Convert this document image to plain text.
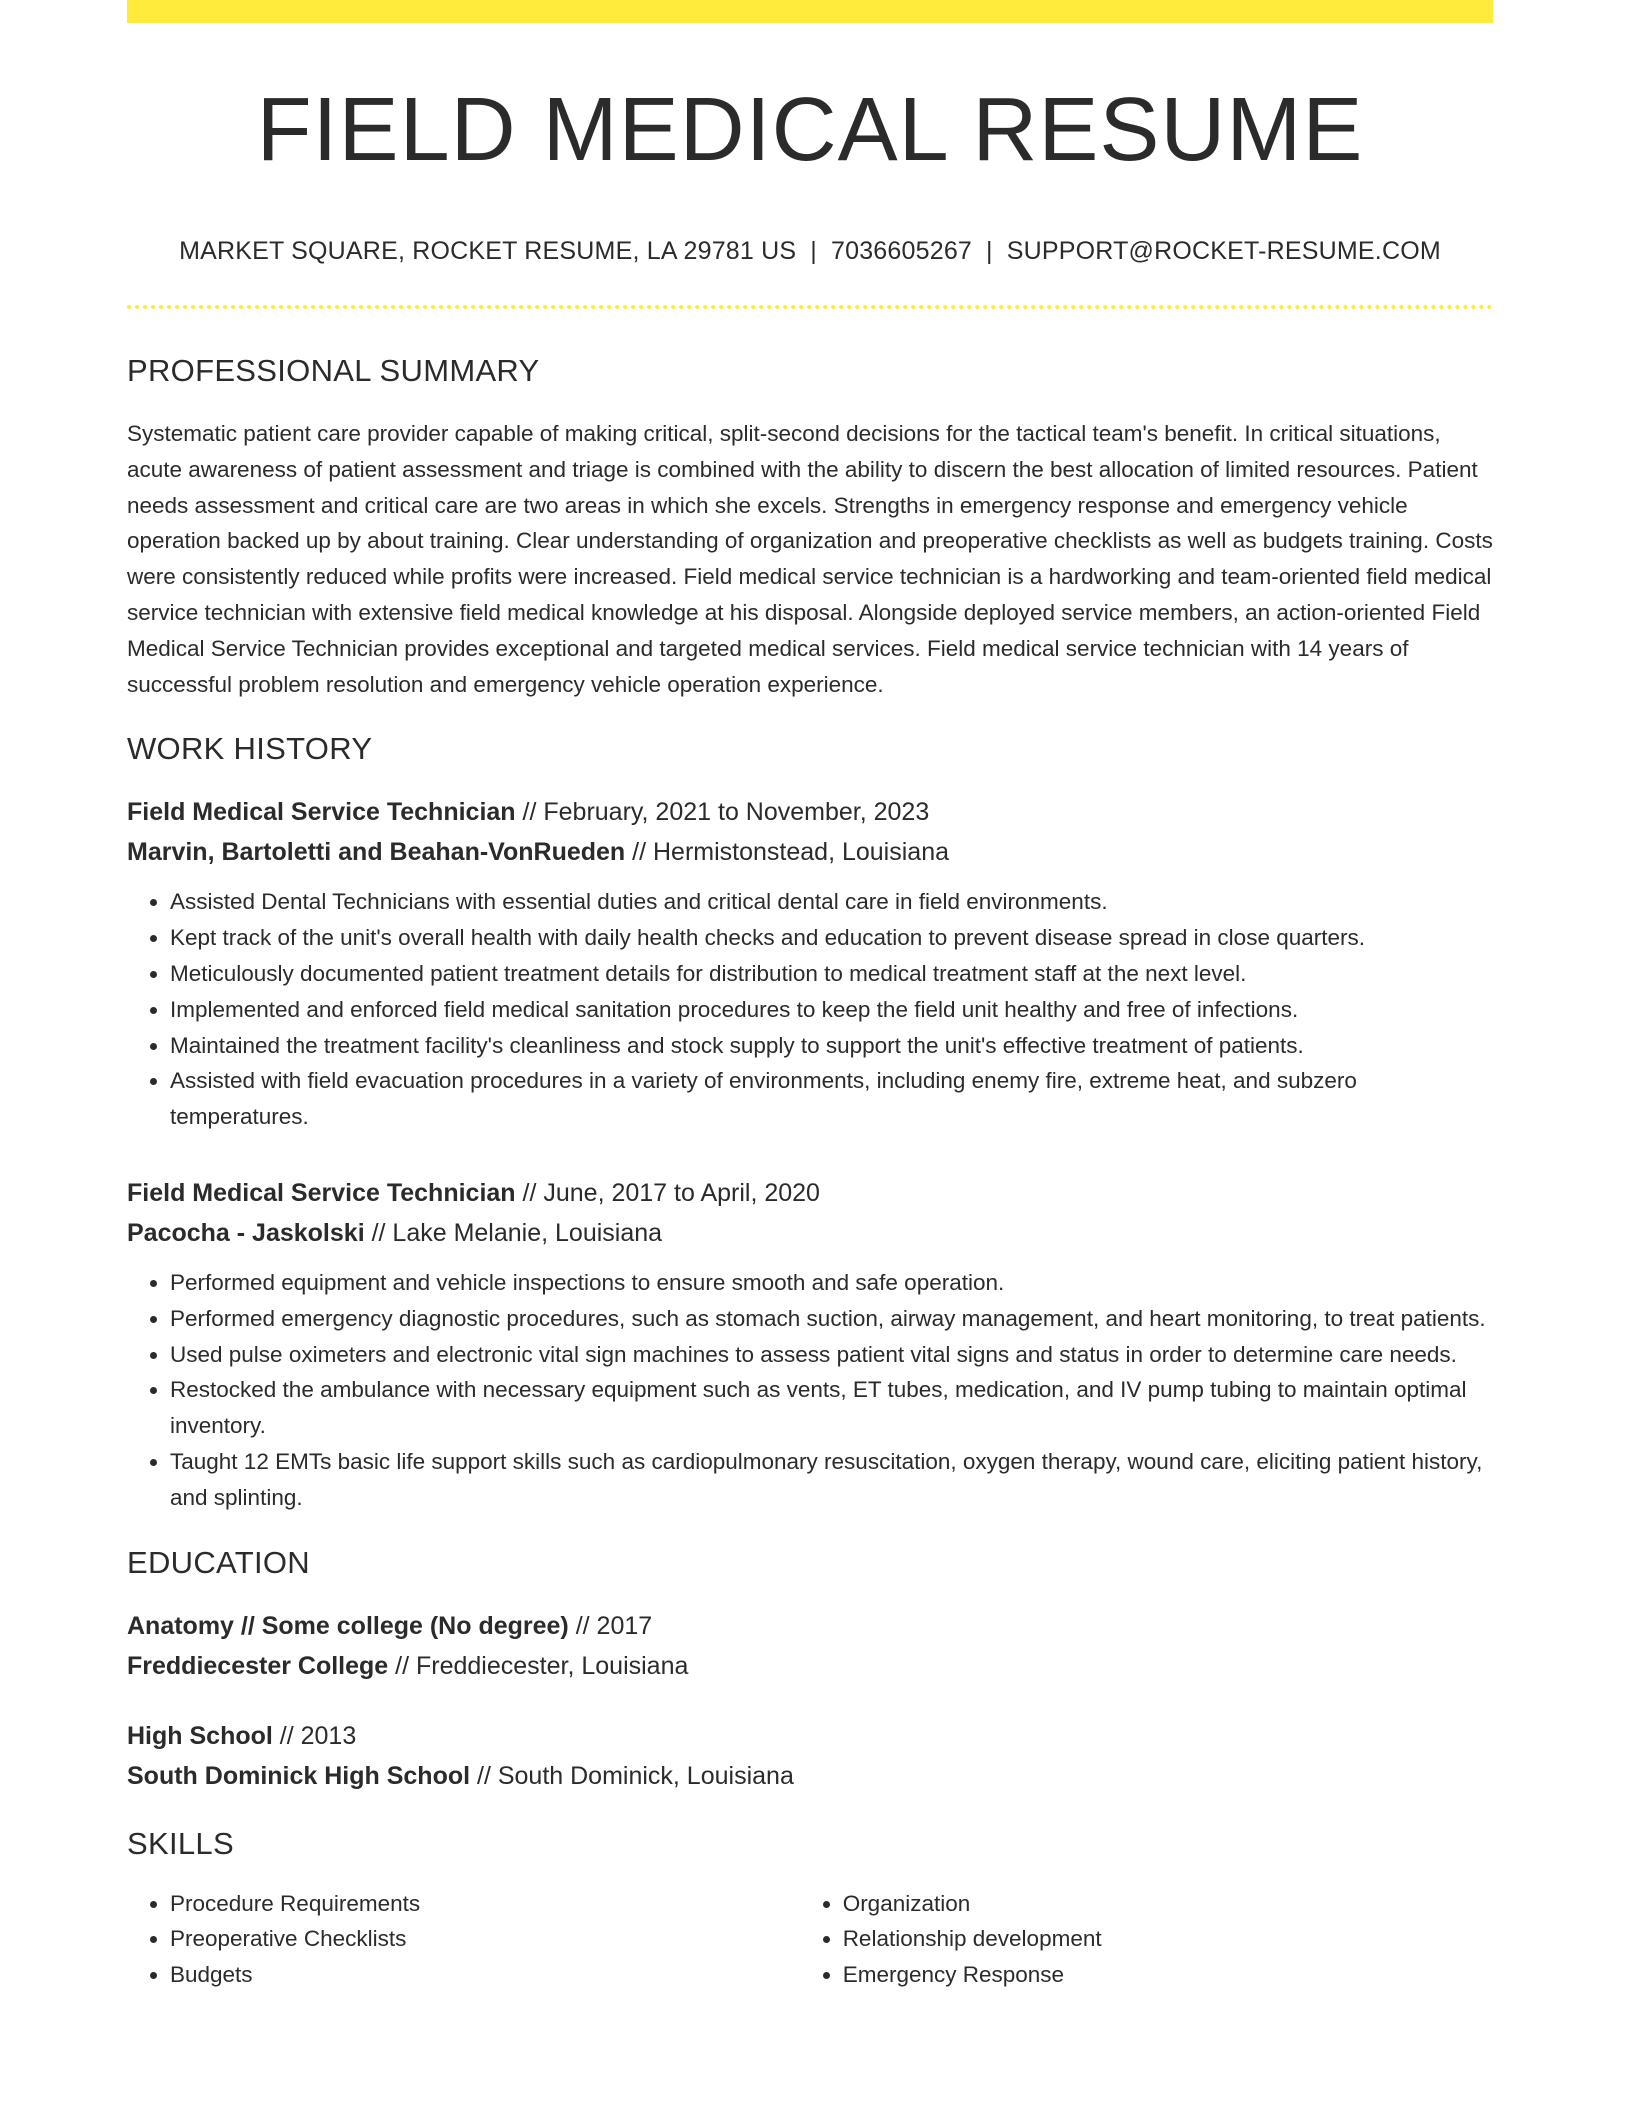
FIELD MEDICAL RESUME
MARKET SQUARE, ROCKET RESUME, LA 29781 US | 7036605267 | SUPPORT@ROCKET-RESUME.COM
PROFESSIONAL SUMMARY

Systematic patient care provider capable of making critical, split-second decisions for the tactical team's benefit. In critical situations, acute awareness of patient assessment and triage is combined with the ability to discern the best allocation of limited resources. Patient needs assessment and critical care are two areas in which she excels. Strengths in emergency response and emergency vehicle operation backed up by about training. Clear understanding of organization and preoperative checklists as well as budgets training. Costs were consistently reduced while profits were increased. Field medical service technician is a hardworking and team-oriented field medical service technician with extensive field medical knowledge at his disposal. Alongside deployed service members, an action-oriented Field Medical Service Technician provides exceptional and targeted medical services. Field medical service technician with 14 years of successful problem resolution and emergency vehicle operation experience.

WORK HISTORY
Field Medical Service Technician // February, 2021 to November, 2023
Marvin, Bartoletti and Beahan-VonRueden // Hermistonstead, Louisiana
• Assisted Dental Technicians with essential duties and critical dental care in field environments.
• Kept track of the unit's overall health with daily health checks and education to prevent disease spread in close quarters.
• Meticulously documented patient treatment details for distribution to medical treatment staff at the next level.
• Implemented and enforced field medical sanitation procedures to keep the field unit healthy and free of infections.
• Maintained the treatment facility's cleanliness and stock supply to support the unit's effective treatment of patients.
• Assisted with field evacuation procedures in a variety of environments, including enemy fire, extreme heat, and subzero temperatures.
Field Medical Service Technician // June, 2017 to April, 2020
Pacocha - Jaskolski // Lake Melanie, Louisiana
• Performed equipment and vehicle inspections to ensure smooth and safe operation.
• Performed emergency diagnostic procedures, such as stomach suction, airway management, and heart monitoring, to treat patients.
• Used pulse oximeters and electronic vital sign machines to assess patient vital signs and status in order to determine care needs.
• Restocked the ambulance with necessary equipment such as vents, ET tubes, medication, and IV pump tubing to maintain optimal inventory.
• Taught 12 EMTs basic life support skills such as cardiopulmonary resuscitation, oxygen therapy, wound care, eliciting patient history, and splinting.
EDUCATION
Anatomy // Some college (No degree) // 2017
Freddiecester College // Freddiecester, Louisiana
High School // 2013
South Dominick High School // South Dominick, Louisiana
SKILLS
• Procedure Requirements
• Preoperative Checklists
• Budgets
• Organization
• Relationship development
• Emergency Response
